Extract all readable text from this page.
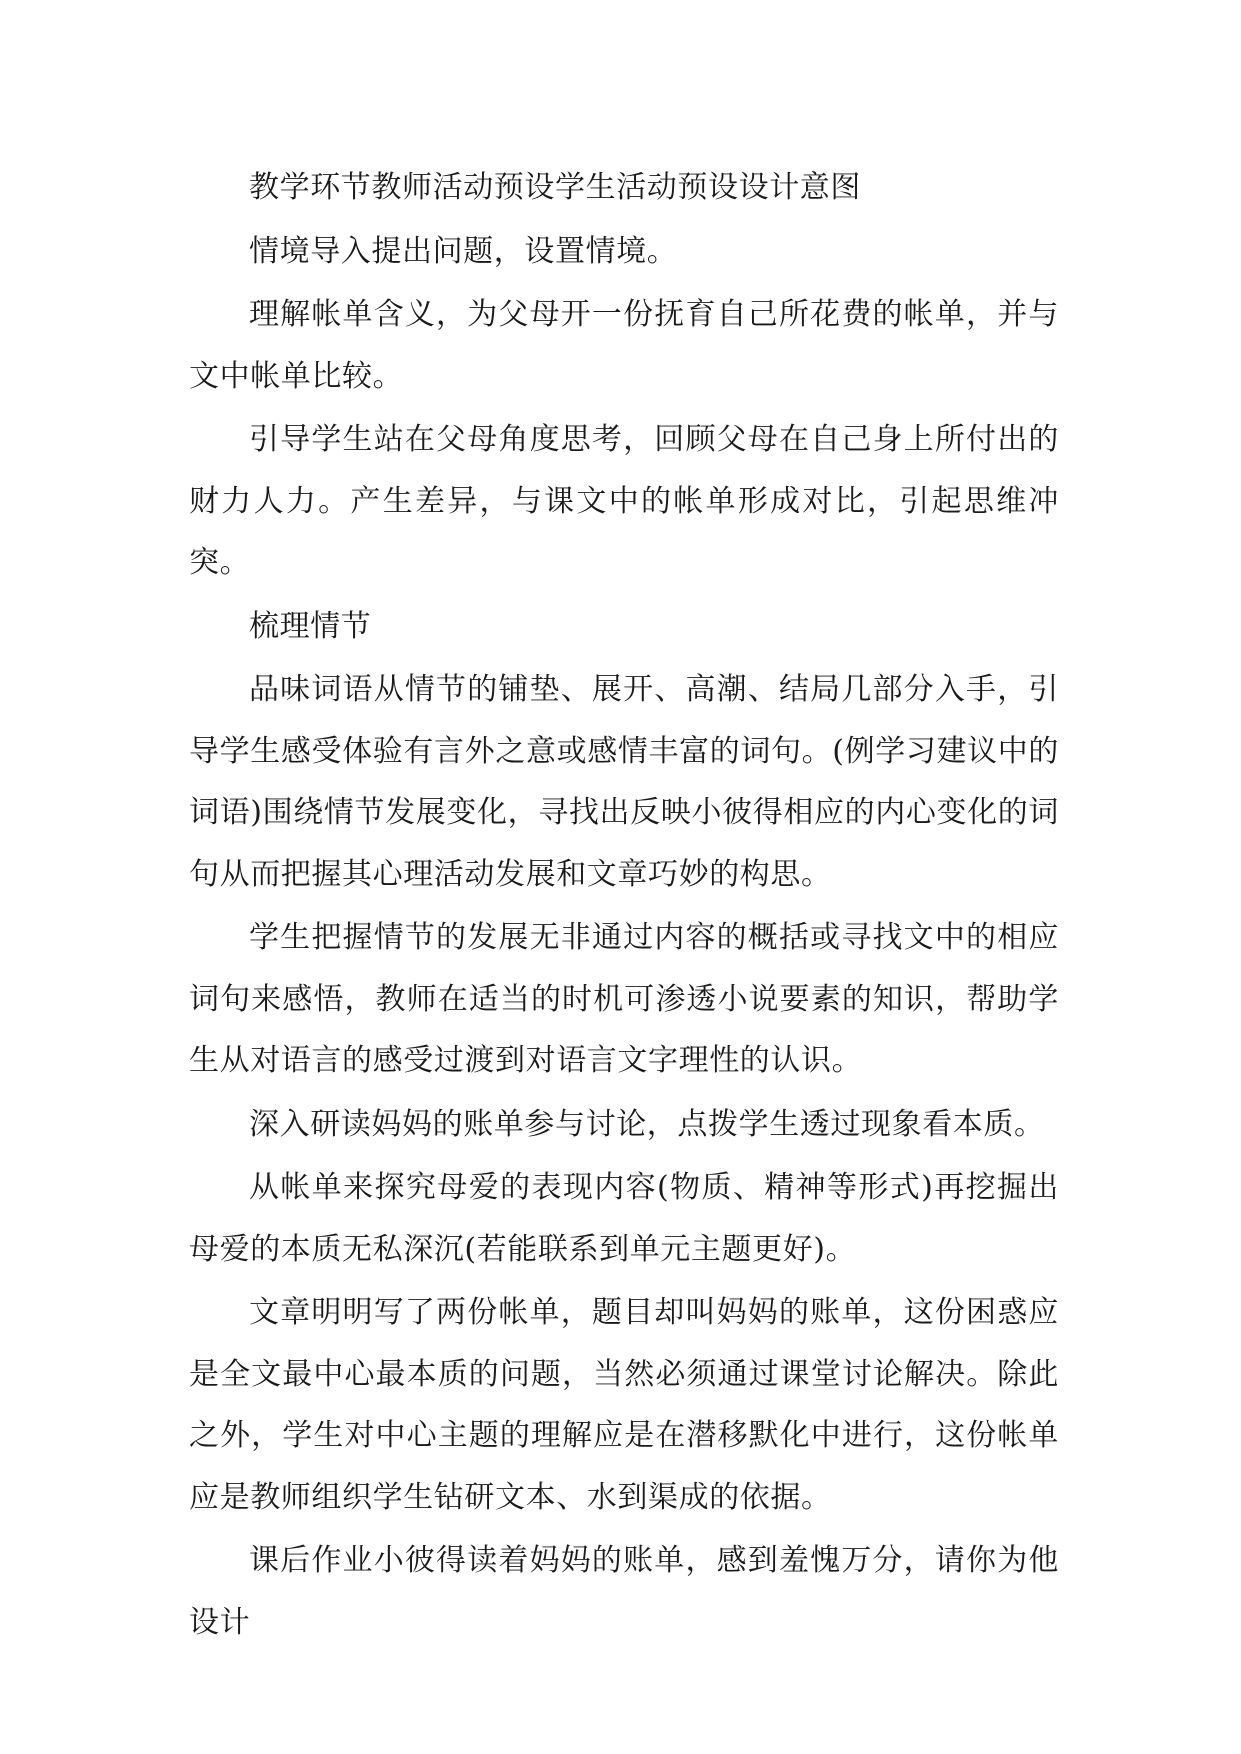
教学环节教师活动预设学生活动预设设计意图

情境导入提出问题，设置情境。

理解帐单含义，为父母开一份抚育自己所花费的帐单，并与文中帐单比较。

引导学生站在父母角度思考，回顾父母在自己身上所付出的财力人力。产生差异，与课文中的帐单形成对比，引起思维冲突。

梳理情节

品味词语从情节的铺垫、展开、高潮、结局几部分入手，引导学生感受体验有言外之意或感情丰富的词句。(例学习建议中的词语)围绕情节发展变化，寻找出反映小彼得相应的内心变化的词句从而把握其心理活动发展和文章巧妙的构思。

学生把握情节的发展无非通过内容的概括或寻找文中的相应词句来感悟，教师在适当的时机可渗透小说要素的知识，帮助学生从对语言的感受过渡到对语言文字理性的认识。

深入研读妈妈的账单参与讨论，点拨学生透过现象看本质。

从帐单来探究母爱的表现内容(物质、精神等形式)再挖掘出母爱的本质无私深沉(若能联系到单元主题更好)。

文章明明写了两份帐单，题目却叫妈妈的账单，这份困惑应是全文最中心最本质的问题，当然必须通过课堂讨论解决。除此之外，学生对中心主题的理解应是在潜移默化中进行，这份帐单应是教师组织学生钻研文本、水到渠成的依据。

课后作业小彼得读着妈妈的账单，感到羞愧万分，请你为他设计
